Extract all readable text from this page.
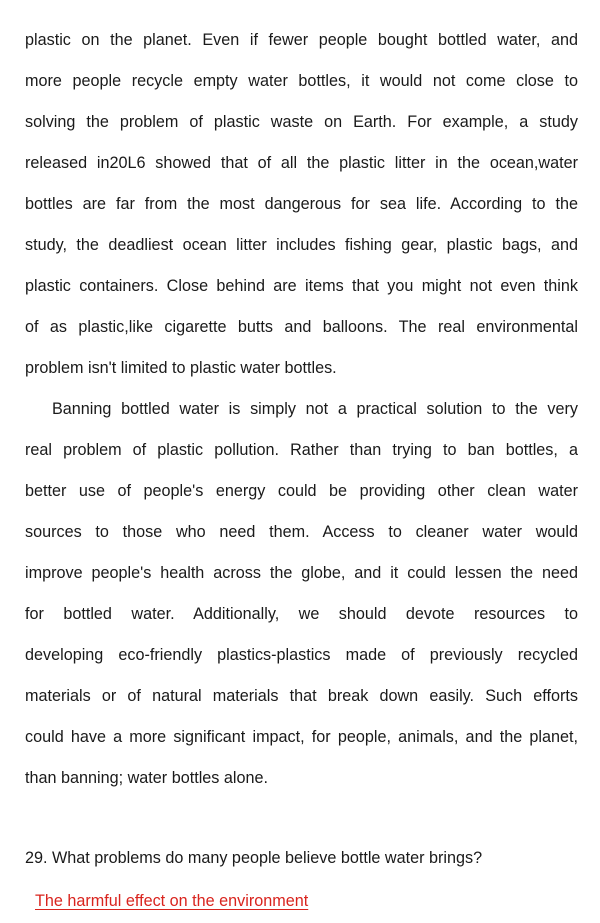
plastic on the planet. Even if fewer people bought bottled water, and
more people recycle empty water bottles, it would not come close to
solving the problem of plastic waste on Earth. For example, a study
released in20L6 showed that of all the plastic litter in the ocean,water
bottles are far from the most dangerous for sea life. According to the
study, the deadliest ocean litter includes fishing gear, plastic bags, and
plastic containers. Close behind are items that you might not even think
of as plastic,like cigarette butts and balloons. The real environmental
problem isn't limited to plastic water bottles.
Banning bottled water is simply not a practical solution to the very
real problem of plastic pollution. Rather than trying to ban bottles, a
better use of people's energy could be providing other clean water
sources to those who need them. Access to cleaner water would
improve people's health across the globe, and it could lessen the need
for bottled water. Additionally, we should devote resources to
developing eco-friendly plastics-plastics made of previously recycled
materials or of natural materials that break down easily. Such efforts
could have a more significant impact, for people, animals, and the planet,
than banning; water bottles alone.
29. What problems do many people believe bottle water brings?
The harmful effect on the environment
